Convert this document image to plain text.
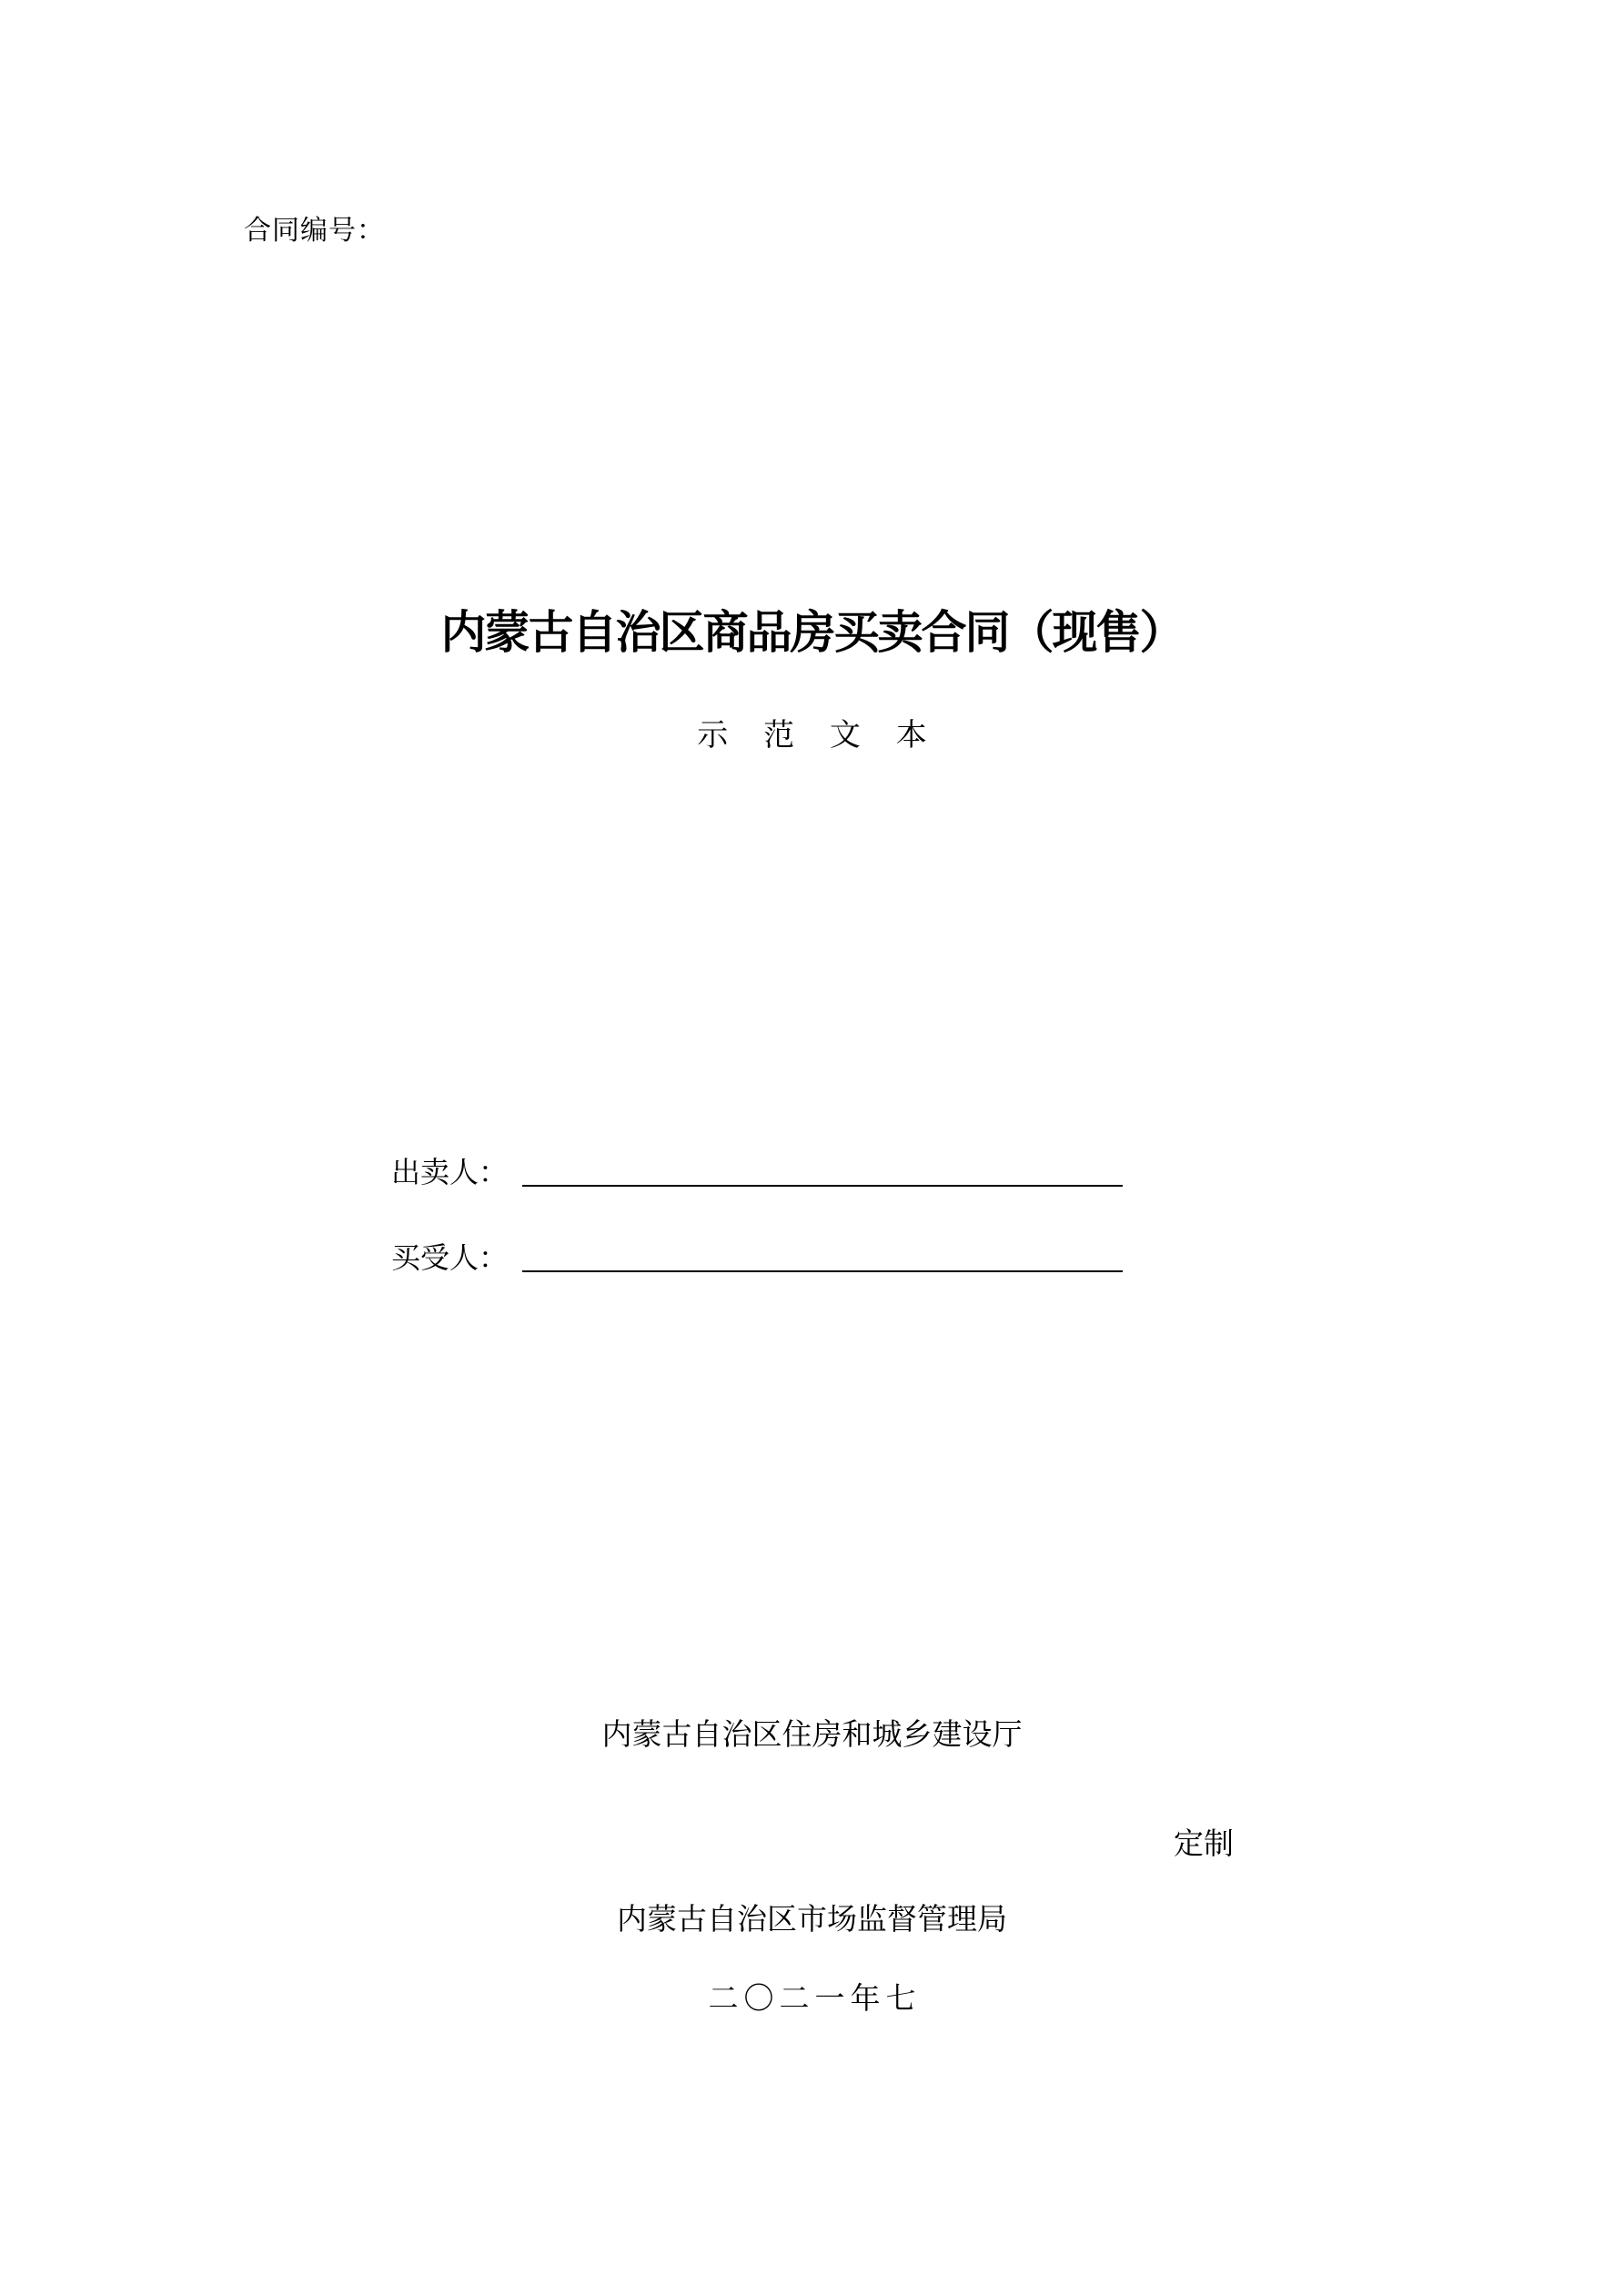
合同编号：
内蒙古自治区商品房买卖合同（现售）
示 范 文 本
出卖人：
买受人：
内蒙古自治区住房和城乡建设厅
定制
内蒙古自治区市场监督管理局
二〇二一年七
